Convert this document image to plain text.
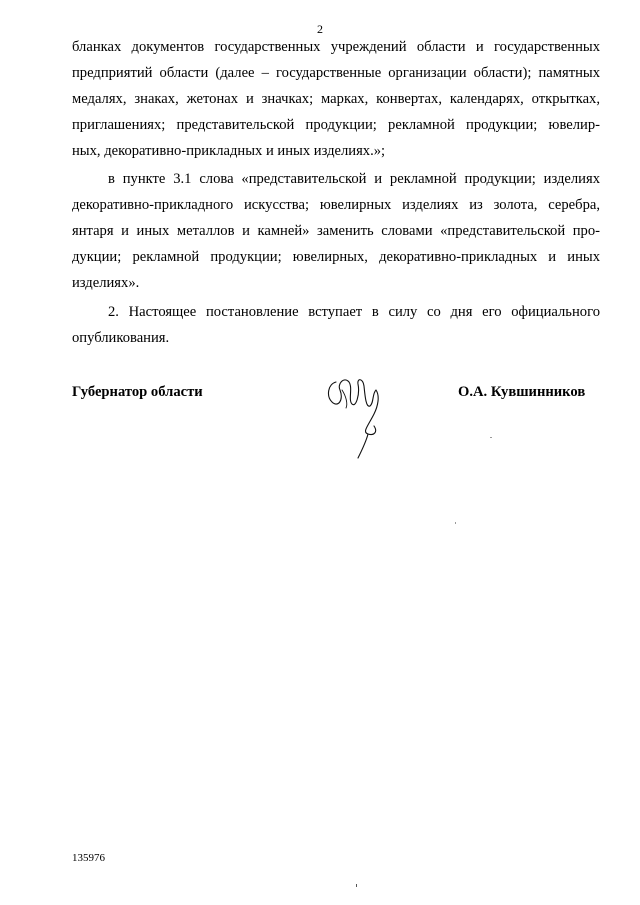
2
бланках документов государственных учреждений области и государственных
предприятий области (далее – государственные организации области); памятных
медалях, знаках, жетонах и значках; марках, конвертах, календарях, открытках,
приглашениях; представительской продукции; рекламной продукции; ювелир-
ных, декоративно-прикладных и иных изделиях.»;
в пункте 3.1 слова «представительской и рекламной продукции; изделиях
декоративно-прикладного искусства; ювелирных изделиях из золота, серебра,
янтаря и иных металлов и камней» заменить словами «представительской про-
дукции; рекламной продукции; ювелирных, декоративно-прикладных и иных
изделиях».
2. Настоящее постановление вступает в силу со дня его официального
опубликования.
Губернатор области	О.А. Кувшинников
135976
